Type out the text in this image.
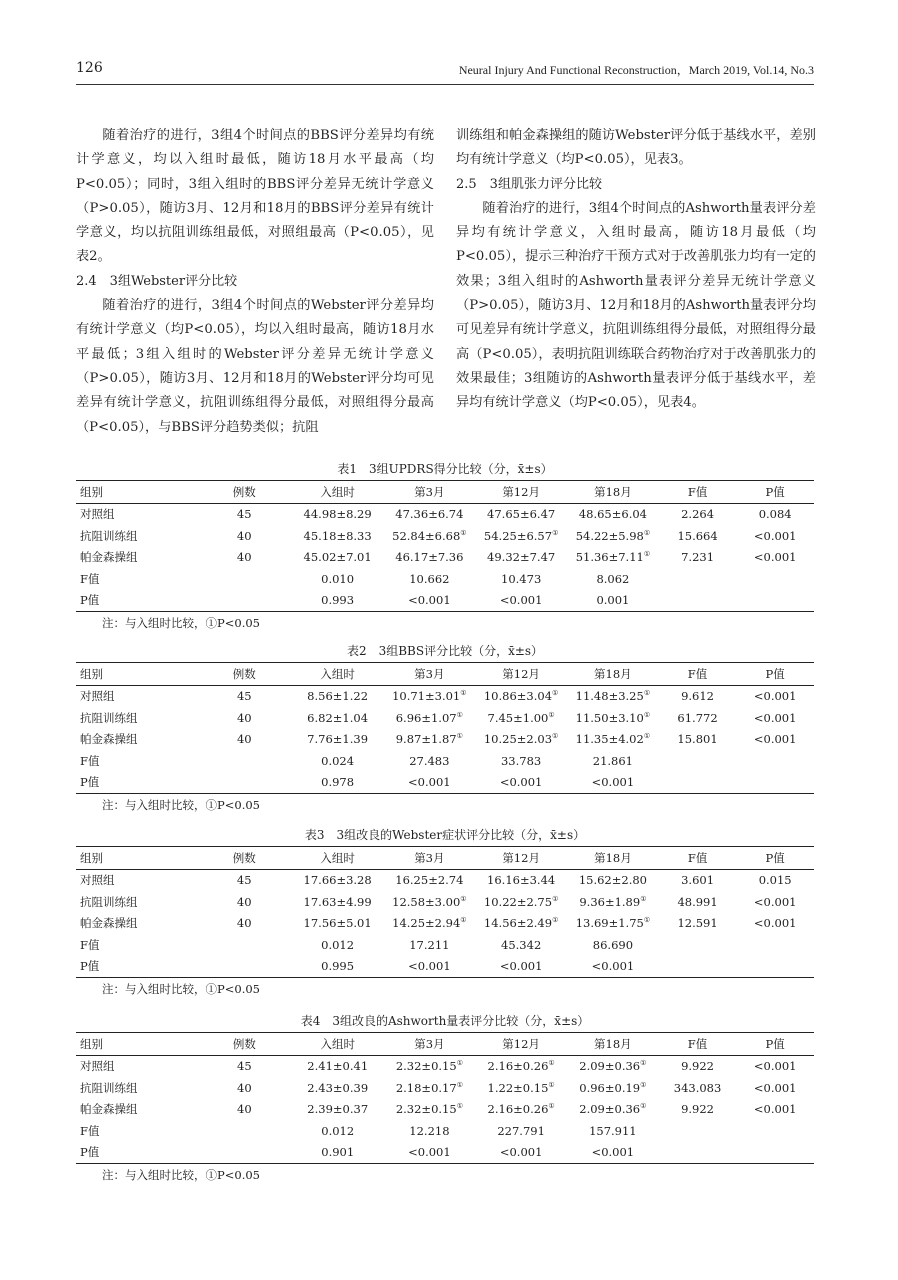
126	Neural Injury And Functional Reconstruction，March 2019, Vol.14, No.3

随着治疗的进行，3组4个时间点的BBS评分差异均有统计学意义，均以入组时最低，随访18月水平最高（均P<0.05）；同时，3组入组时的BBS评分差异无统计学意义（P>0.05），随访3月、12月和18月的BBS评分差异有统计学意义，均以抗阻训练组最低，对照组最高（P<0.05），见表2。

2.4　3组Webster评分比较

随着治疗的进行，3组4个时间点的Webster评分差异均有统计学意义（均P<0.05），均以入组时最高，随访18月水平最低；3组入组时的Webster评分差异无统计学意义（P>0.05），随访3月、12月和18月的Webster评分均可见差异有统计学意义，抗阻训练组得分最低，对照组得分最高（P<0.05），与BBS评分趋势类似；抗阻

训练组和帕金森操组的随访Webster评分低于基线水平，差别均有统计学意义（均P<0.05），见表3。

2.5　3组肌张力评分比较

随着治疗的进行，3组4个时间点的Ashworth量表评分差异均有统计学意义，入组时最高，随访18月最低（均P<0.05），提示三种治疗干预方式对于改善肌张力均有一定的效果；3组入组时的Ashworth量表评分差异无统计学意义（P>0.05），随访3月、12月和18月的Ashworth量表评分均可见差异有统计学意义，抗阻训练组得分最低，对照组得分最高（P<0.05），表明抗阻训练联合药物治疗对于改善肌张力的效果最佳；3组随访的Ashworth量表评分低于基线水平，差异均有统计学意义（均P<0.05），见表4。

表1　3组UPDRS得分比较（分，x̄±s）
组别	例数	入组时	第3月	第12月	第18月	F值	P值
对照组	45	44.98±8.29	47.36±6.74	47.65±6.47	48.65±6.04	2.264	0.084
抗阻训练组	40	45.18±8.33	52.84±6.68①	54.25±6.57①	54.22±5.98①	15.664	<0.001
帕金森操组	40	45.02±7.01	46.17±7.36	49.32±7.47	51.36±7.11①	7.231	<0.001
F值		0.010	10.662	10.473	8.062		
P值		0.993	<0.001	<0.001	0.001		
注：与入组时比较，①P<0.05
表2　3组BBS评分比较（分，x̄±s）
组别	例数	入组时	第3月	第12月	第18月	F值	P值
对照组	45	8.56±1.22	10.71±3.01①	10.86±3.04①	11.48±3.25①	9.612	<0.001
抗阻训练组	40	6.82±1.04	6.96±1.07①	7.45±1.00①	11.50±3.10①	61.772	<0.001
帕金森操组	40	7.76±1.39	9.87±1.87①	10.25±2.03①	11.35±4.02①	15.801	<0.001
F值		0.024	27.483	33.783	21.861		
P值		0.978	<0.001	<0.001	<0.001		
注：与入组时比较，①P<0.05
表3　3组改良的Webster症状评分比较（分，x̄±s）
组别	例数	入组时	第3月	第12月	第18月	F值	P值
对照组	45	17.66±3.28	16.25±2.74	16.16±3.44	15.62±2.80	3.601	0.015
抗阻训练组	40	17.63±4.99	12.58±3.00①	10.22±2.75①	9.36±1.89①	48.991	<0.001
帕金森操组	40	17.56±5.01	14.25±2.94①	14.56±2.49①	13.69±1.75①	12.591	<0.001
F值		0.012	17.211	45.342	86.690		
P值		0.995	<0.001	<0.001	<0.001		
注：与入组时比较，①P<0.05
表4　3组改良的Ashworth量表评分比较（分，x̄±s）
组别	例数	入组时	第3月	第12月	第18月	F值	P值
对照组	45	2.41±0.41	2.32±0.15①	2.16±0.26①	2.09±0.36①	9.922	<0.001
抗阻训练组	40	2.43±0.39	2.18±0.17①	1.22±0.15①	0.96±0.19①	343.083	<0.001
帕金森操组	40	2.39±0.37	2.32±0.15①	2.16±0.26①	2.09±0.36①	9.922	<0.001
F值		0.012	12.218	227.791	157.911		
P值		0.901	<0.001	<0.001	<0.001		
注：与入组时比较，①P<0.05
